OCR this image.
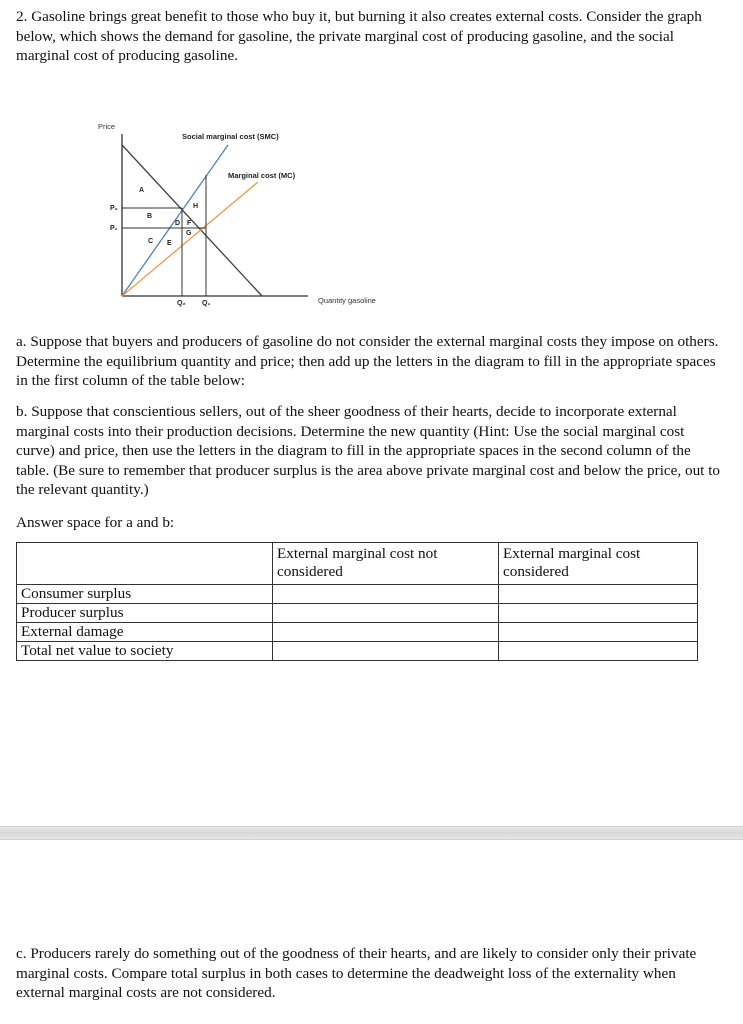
2. Gasoline brings great benefit to those who buy it, but burning it also creates external costs. Consider the graph below, which shows the demand for gasoline, the private marginal cost of producing gasoline, and the social marginal cost of producing gasoline.

Price
Quantity gasoline
Social marginal cost (SMC)
Marginal cost (MC)
P₂
P₁
Q₂ Q₁
A
B
C
D
E
F
G
H

a. Suppose that buyers and producers of gasoline do not consider the external marginal costs they impose on others. Determine the equilibrium quantity and price; then add up the letters in the diagram to fill in the appropriate spaces in the first column of the table below:

b. Suppose that conscientious sellers, out of the sheer goodness of their hearts, decide to incorporate external marginal costs into their production decisions. Determine the new quantity (Hint: Use the social marginal cost curve) and price, then use the letters in the diagram to fill in the appropriate spaces in the second column of the table. (Be sure to remember that producer surplus is the area above private marginal cost and below the price, out to the relevant quantity.)

Answer space for a and b:

	External marginal cost not considered	External marginal cost considered
Consumer surplus		
Producer surplus		
External damage		
Total net value to society		

c. Producers rarely do something out of the goodness of their hearts, and are likely to consider only their private marginal costs. Compare total surplus in both cases to determine the deadweight loss of the externality when external marginal costs are not considered.
